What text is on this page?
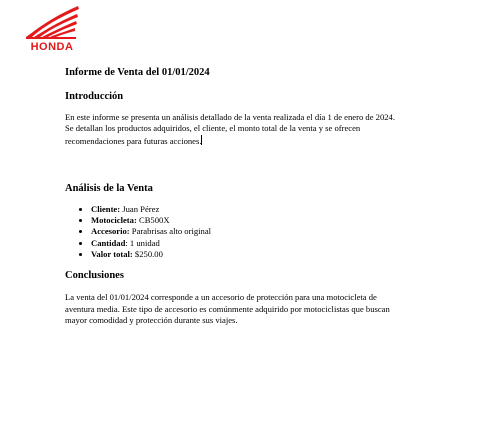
HONDA
Informe de Venta del 01/01/2024
Introducción

En este informe se presenta un análisis detallado de la venta realizada el día 1 de enero de 2024. Se detallan los productos adquiridos, el cliente, el monto total de la venta y se ofrecen recomendaciones para futuras acciones.

Análisis de la Venta
• Cliente: Juan Pérez
• Motocicleta: CB500X
• Accesorio: Parabrisas alto original
• Cantidad: 1 unidad
• Valor total: $250.00
Conclusiones

La venta del 01/01/2024 corresponde a un accesorio de protección para una motocicleta de aventura media. Este tipo de accesorio es comúnmente adquirido por motociclistas que buscan mayor comodidad y protección durante sus viajes.
